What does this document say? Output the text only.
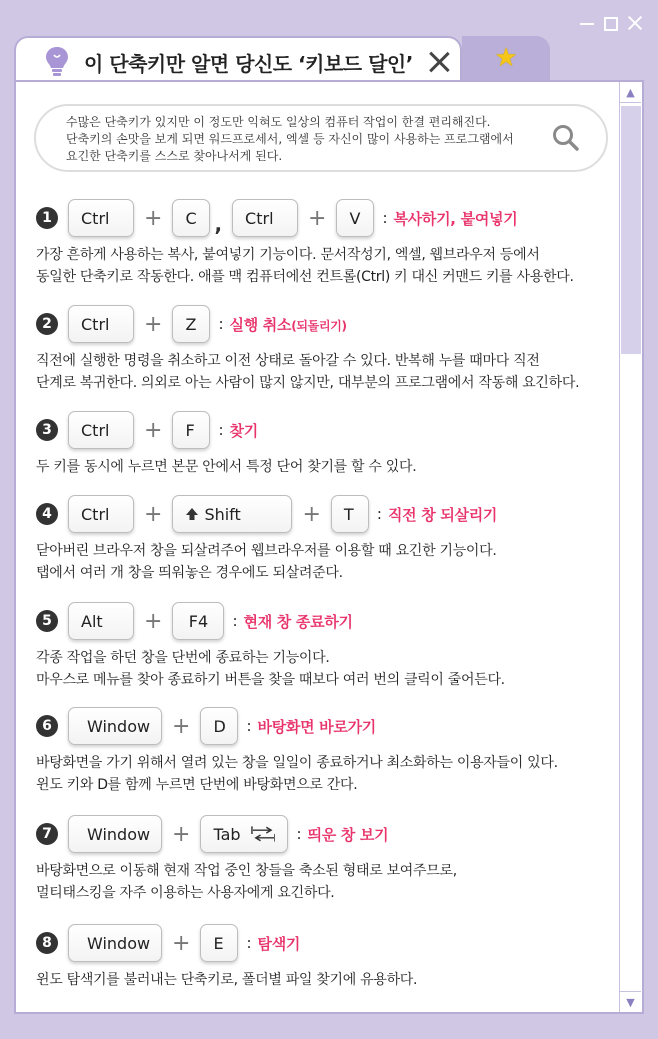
★
이 단축키만 알면 당신도 ‘키보드 달인’
수많은 단축키가 있지만 이 정도만 익혀도 일상의 컴퓨터 작업이 한결 편리해진다.
단축키의 손맛을 보게 되면 워드프로세서, 엑셀 등 자신이 많이 사용하는 프로그램에서
요긴한 단축키를 스스로 찾아나서게 된다.
1	Ctrl	+	C ,	Ctrl	+	V	: 복사하기, 붙여넣기
가장 흔하게 사용하는 복사, 붙여넣기 기능이다. 문서작성기, 엑셀, 웹브라우저 등에서
동일한 단축키로 작동한다. 애플 맥 컴퓨터에선 컨트롤(Ctrl) 키 대신 커맨드 키를 사용한다.
2	Ctrl	+	Z	: 실행 취소(되돌리기)
직전에 실행한 명령을 취소하고 이전 상태로 돌아갈 수 있다. 반복해 누를 때마다 직전
단계로 복귀한다. 의외로 아는 사람이 많지 않지만, 대부분의 프로그램에서 작동해 요긴하다.
3	Ctrl	+	F	: 찾기
두 키를 동시에 누르면 본문 안에서 특정 단어 찾기를 할 수 있다.
4	Ctrl	+	Shift	+	T	: 직전 창 되살리기
닫아버린 브라우저 창을 되살려주어 웹브라우저를 이용할 때 요긴한 기능이다.
탭에서 여러 개 창을 띄워놓은 경우에도 되살려준다.
5	Alt	+	F4	: 현재 창 종료하기
각종 작업을 하던 창을 단번에 종료하는 기능이다.
마우스로 메뉴를 찾아 종료하기 버튼을 찾을 때보다 여러 번의 클릭이 줄어든다.
6	Window +	D	: 바탕화면 바로가기
바탕화면을 가기 위해서 열려 있는 창을 일일이 종료하거나 최소화하는 이용자들이 있다.
윈도 키와 D를 함께 누르면 단번에 바탕화면으로 간다.
7	Window + Tab	: 띄운 창 보기
바탕화면으로 이동해 현재 작업 중인 창들을 축소된 형태로 보여주므로,
멀티태스킹을 자주 이용하는 사용자에게 요긴하다.
8	Window +	E	: 탐색기
윈도 탐색기를 불러내는 단축키로, 폴더별 파일 찾기에 유용하다.
▲
▼
